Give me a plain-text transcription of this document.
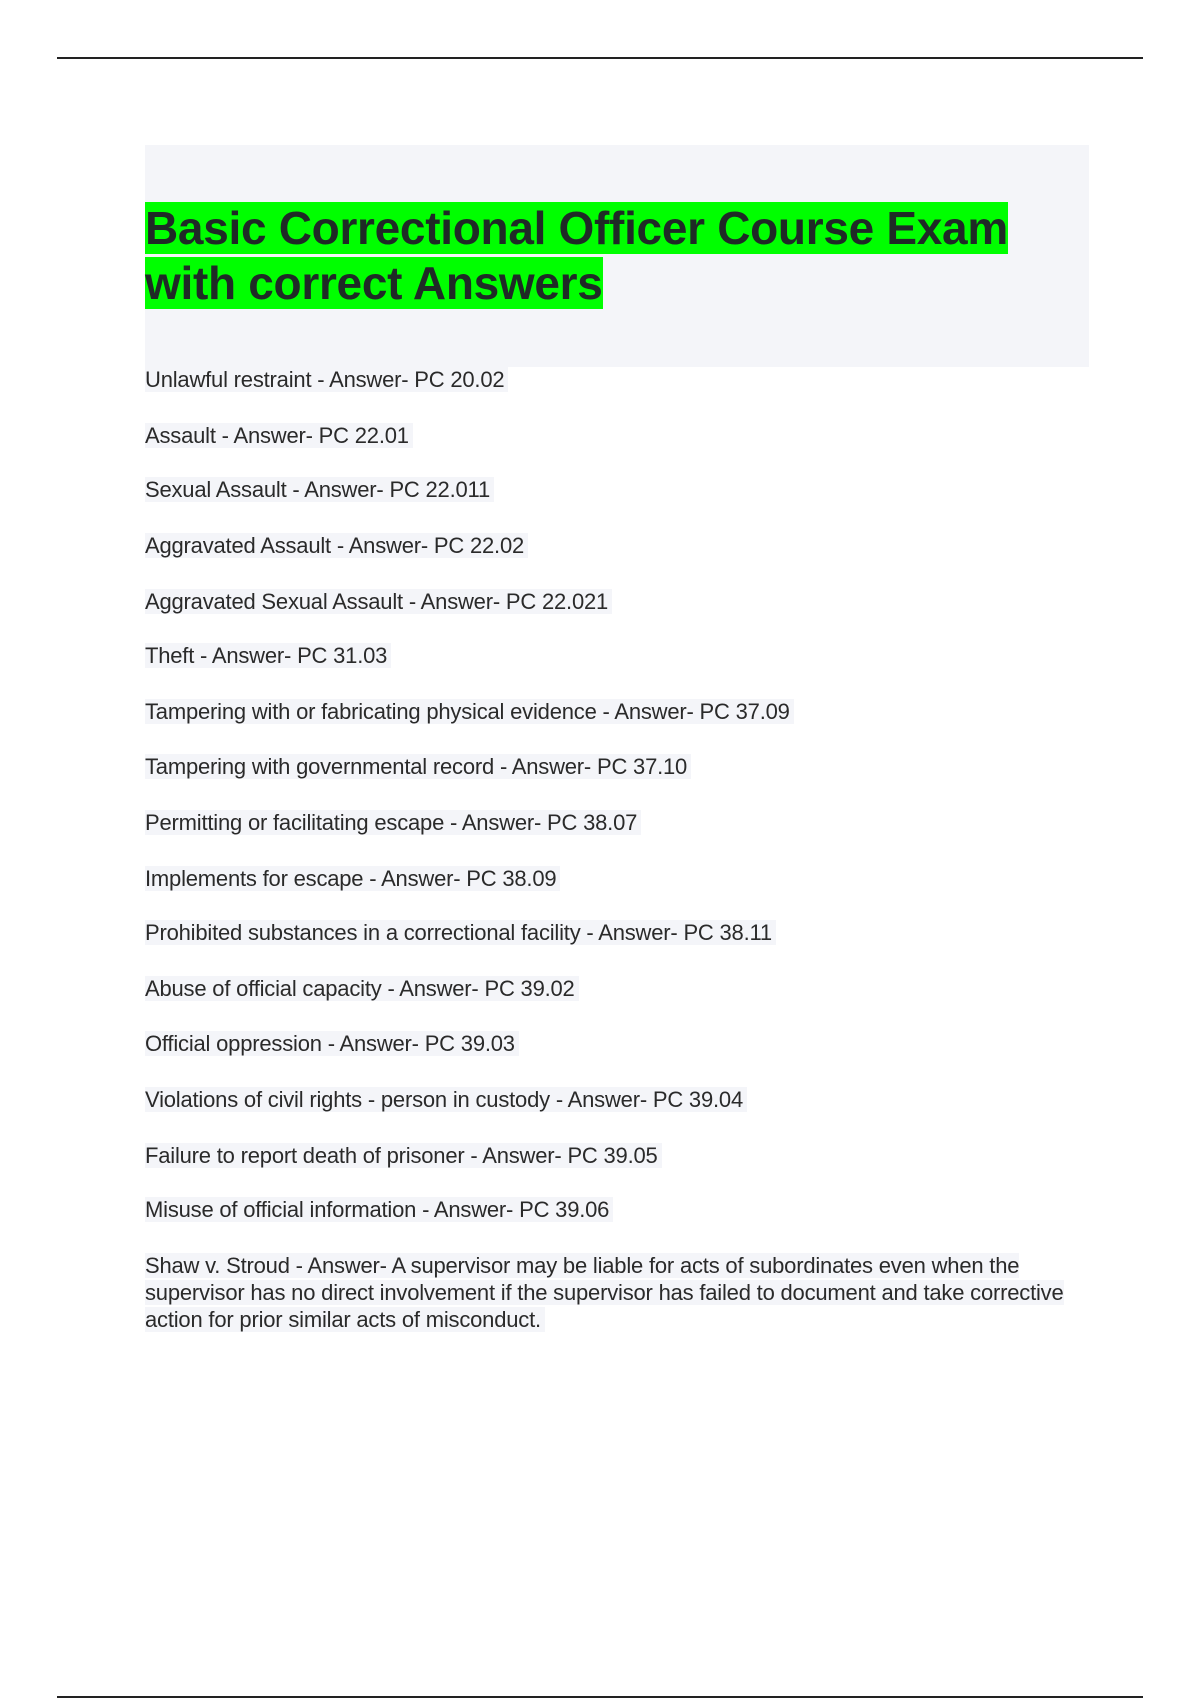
Basic Correctional Officer Course Exam with correct Answers
Unlawful restraint - Answer- PC 20.02
Assault - Answer- PC 22.01
Sexual Assault - Answer- PC 22.011
Aggravated Assault - Answer- PC 22.02
Aggravated Sexual Assault - Answer- PC 22.021
Theft - Answer- PC 31.03
Tampering with or fabricating physical evidence - Answer- PC 37.09
Tampering with governmental record - Answer- PC 37.10
Permitting or facilitating escape - Answer- PC 38.07
Implements for escape - Answer- PC 38.09
Prohibited substances in a correctional facility - Answer- PC 38.11
Abuse of official capacity - Answer- PC 39.02
Official oppression - Answer- PC 39.03
Violations of civil rights - person in custody - Answer- PC 39.04
Failure to report death of prisoner - Answer- PC 39.05
Misuse of official information - Answer- PC 39.06
Shaw v. Stroud - Answer- A supervisor may be liable for acts of subordinates even when the supervisor has no direct involvement if the supervisor has failed to document and take corrective action for prior similar acts of misconduct.
